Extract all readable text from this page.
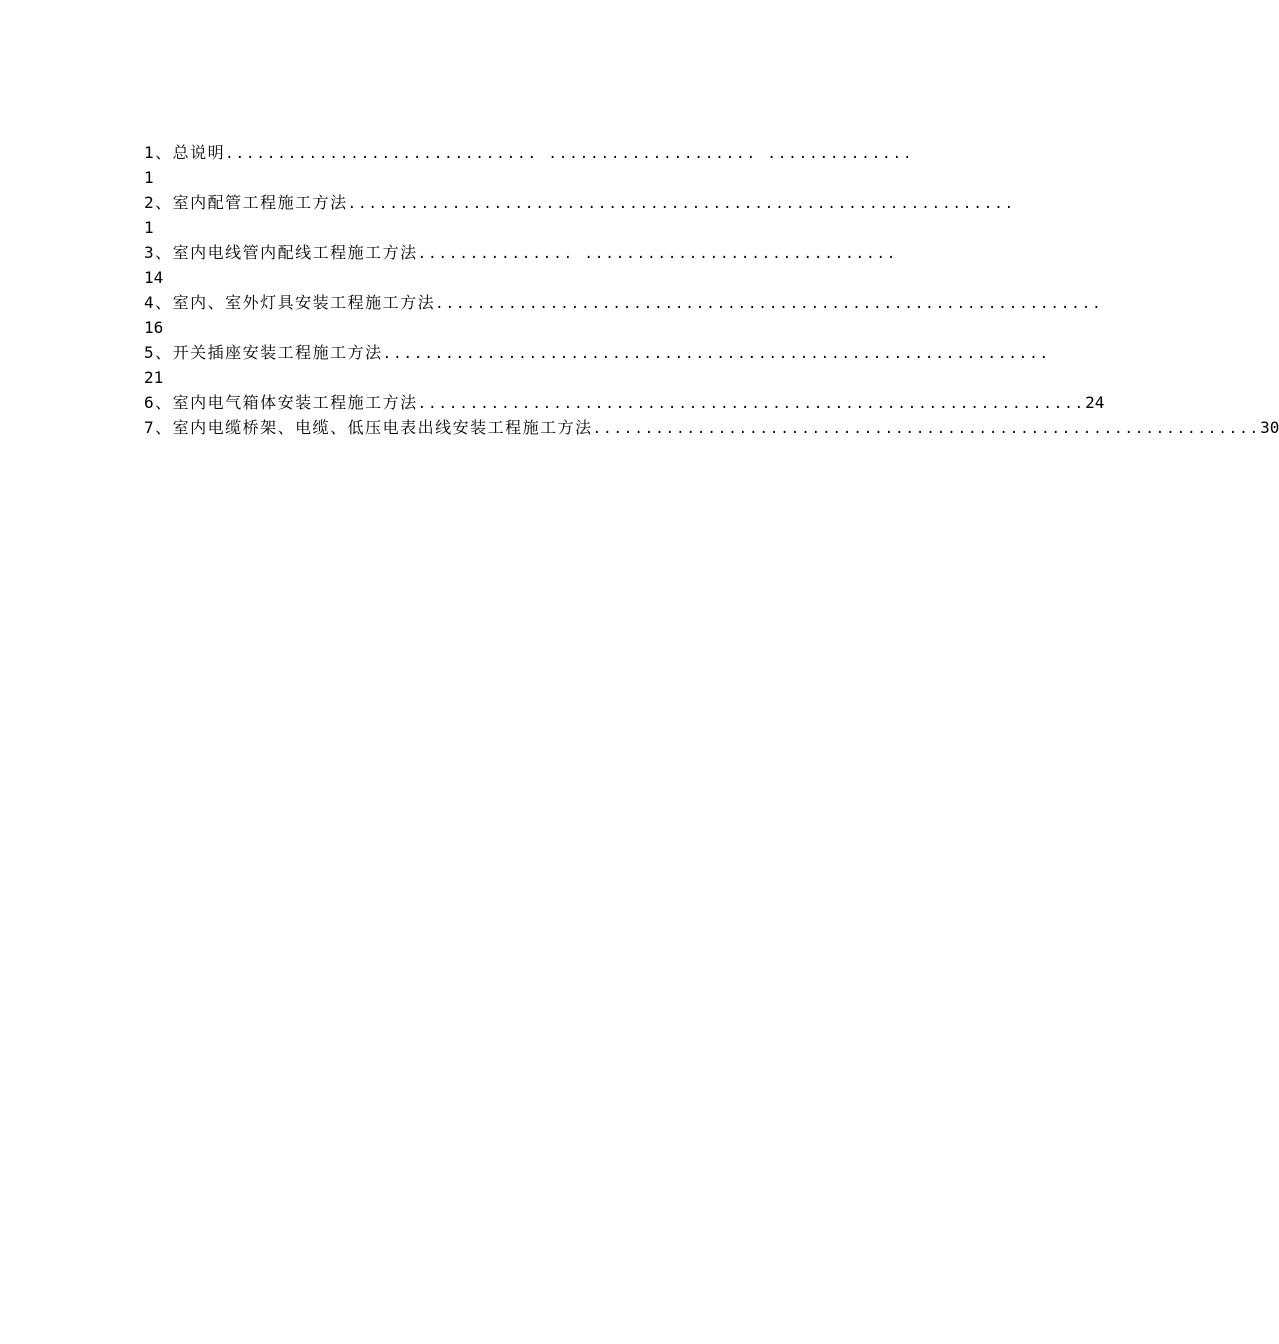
1、总说明 .............................. .................... ..............
1
2、室内配管工程施工方法 ................................................................
1
3、室内电线管内配线工程施工方法 ............... ..............................
14
4、室内、室外灯具安装工程施工方法 ................................................................
16
5、开关插座安装工程施工方法 ................................................................
21
6、室内电气箱体安装工程施工方法 ................................................................ 24
7、室内电缆桥架、电缆、低压电表出线安装工程施工方法 ................................................................ 30
